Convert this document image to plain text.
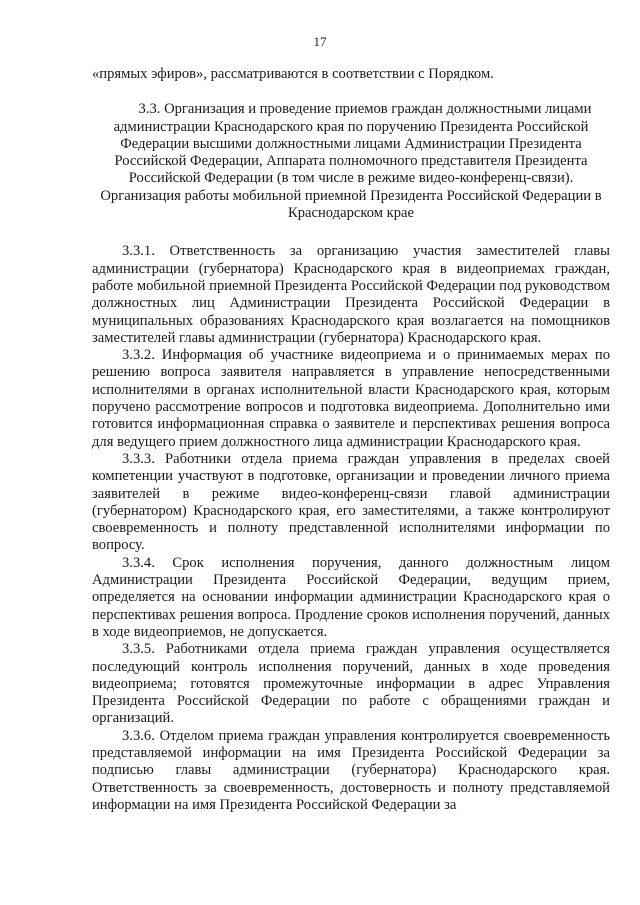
17

«прямых эфиров», рассматриваются в соответствии с Порядком.

3.3. Организация и проведение приемов граждан должностными лицами администрации Краснодарского края по поручению Президента Российской Федерации высшими должностными лицами Администрации Президента Российской Федерации, Аппарата полномочного представителя Президента Российской Федерации (в том числе в режиме видео-конференц-связи). Организация работы мобильной приемной Президента Российской Федерации в Краснодарском крае

3.3.1. Ответственность за организацию участия заместителей главы администрации (губернатора) Краснодарского края в видеоприемах граждан, работе мобильной приемной Президента Российской Федерации под руководством должностных лиц Администрации Президента Российской Федерации в муниципальных образованиях Краснодарского края возлагается на помощников заместителей главы администрации (губернатора) Краснодарского края.

3.3.2. Информация об участнике видеоприема и о принимаемых мерах по решению вопроса заявителя направляется в управление непосредственными исполнителями в органах исполнительной власти Краснодарского края, которым поручено рассмотрение вопросов и подготовка видеоприема. Дополнительно ими готовится информационная справка о заявителе и перспективах решения вопроса для ведущего прием должностного лица администрации Краснодарского края.

3.3.3. Работники отдела приема граждан управления в пределах своей компетенции участвуют в подготовке, организации и проведении личного приема заявителей в режиме видео-конференц-связи главой администрации (губернатором) Краснодарского края, его заместителями, а также контролируют своевременность и полноту представленной исполнителями информации по вопросу.

3.3.4. Срок исполнения поручения, данного должностным лицом Администрации Президента Российской Федерации, ведущим прием, определяется на основании информации администрации Краснодарского края о перспективах решения вопроса. Продление сроков исполнения поручений, данных в ходе видеоприемов, не допускается.

3.3.5. Работниками отдела приема граждан управления осуществляется последующий контроль исполнения поручений, данных в ходе проведения видеоприема; готовятся промежуточные информации в адрес Управления Президента Российской Федерации по работе с обращениями граждан и организаций.

3.3.6. Отделом приема граждан управления контролируется своевременность представляемой информации на имя Президента Российской Федерации за подписью главы администрации (губернатора) Краснодарского края. Ответственность за своевременность, достоверность и полноту представляемой информации на имя Президента Российской Федерации за
